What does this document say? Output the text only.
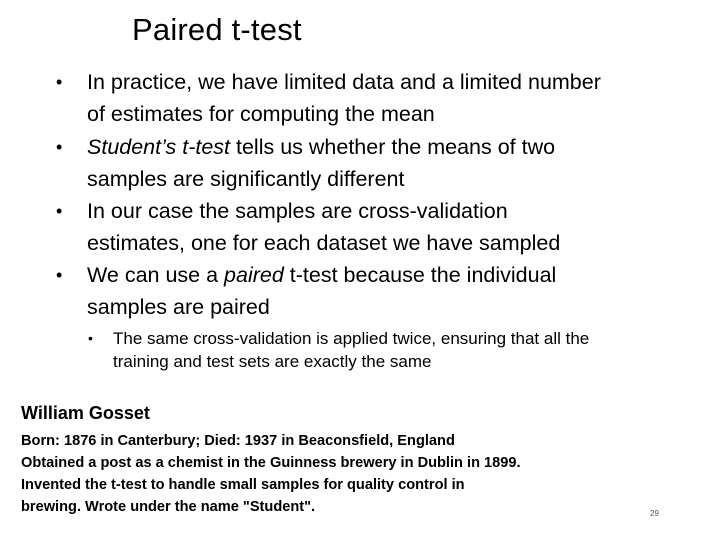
Paired t-test
• In practice, we have limited data and a limited number of estimates for computing the mean
• Student’s t-test tells us whether the means of two samples are significantly different
• In our case the samples are cross-validation estimates, one for each dataset we have sampled
• We can use a paired t-test because the individual samples are paired
• The same cross-validation is applied twice, ensuring that all the training and test sets are exactly the same
William Gosset
Born: 1876 in Canterbury; Died: 1937 in Beaconsfield, England
Obtained a post as a chemist in the Guinness brewery in Dublin in 1899.
Invented the t-test to handle small samples for quality control in
brewing. Wrote under the name "Student".	29
